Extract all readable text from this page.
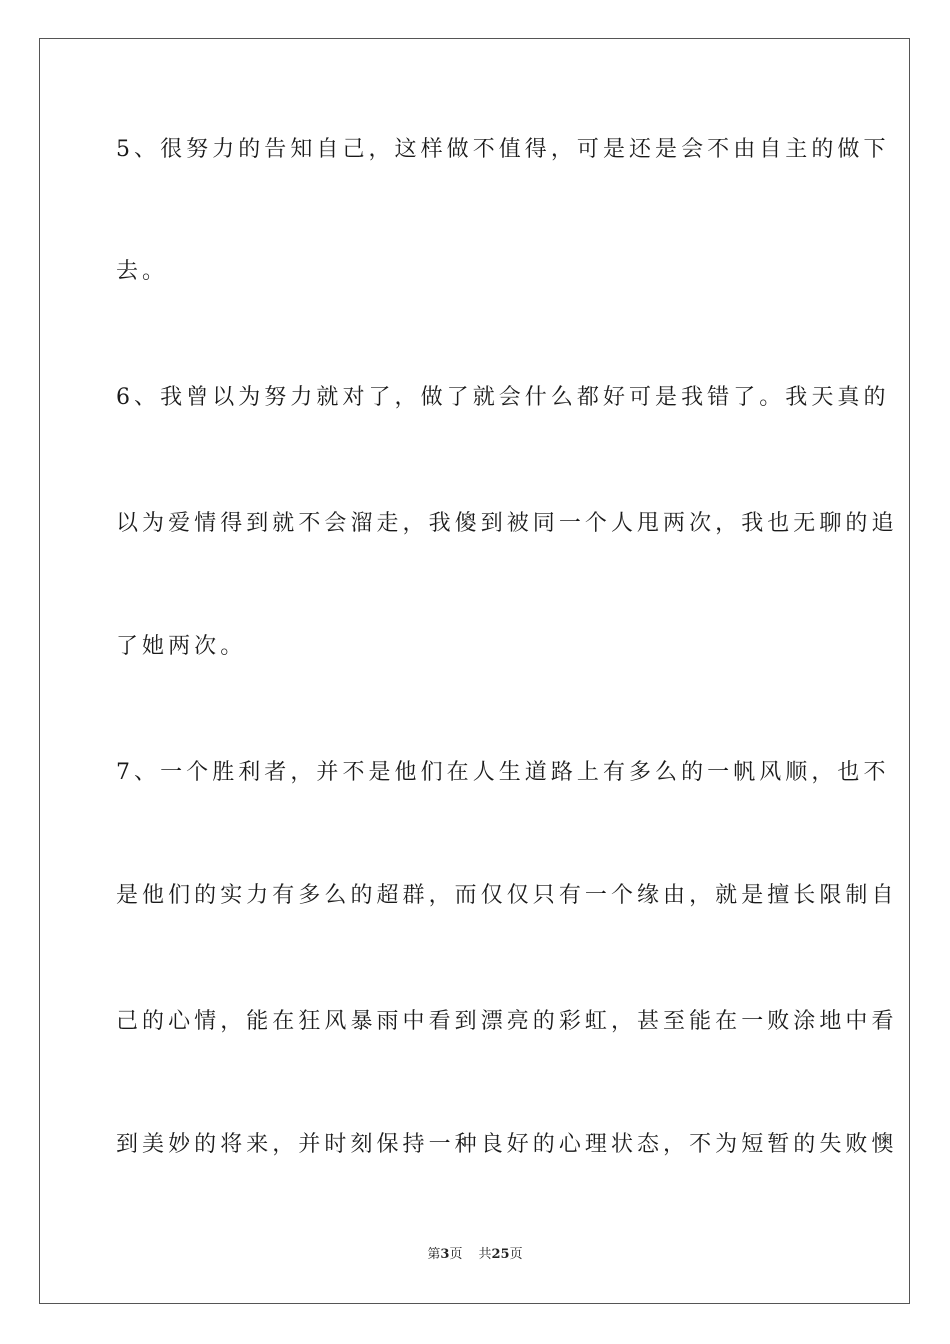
5、很努力的告知自己，这样做不值得，可是还是会不由自主的做下
去。
6、我曾以为努力就对了，做了就会什么都好可是我错了。我天真的
以为爱情得到就不会溜走，我傻到被同一个人甩两次，我也无聊的追
了她两次。
7、一个胜利者，并不是他们在人生道路上有多么的一帆风顺，也不
是他们的实力有多么的超群，而仅仅只有一个缘由，就是擅长限制自
己的心情，能在狂风暴雨中看到漂亮的彩虹，甚至能在一败涂地中看
到美妙的将来，并时刻保持一种良好的心理状态，不为短暂的失败懊
第3页 共25页
